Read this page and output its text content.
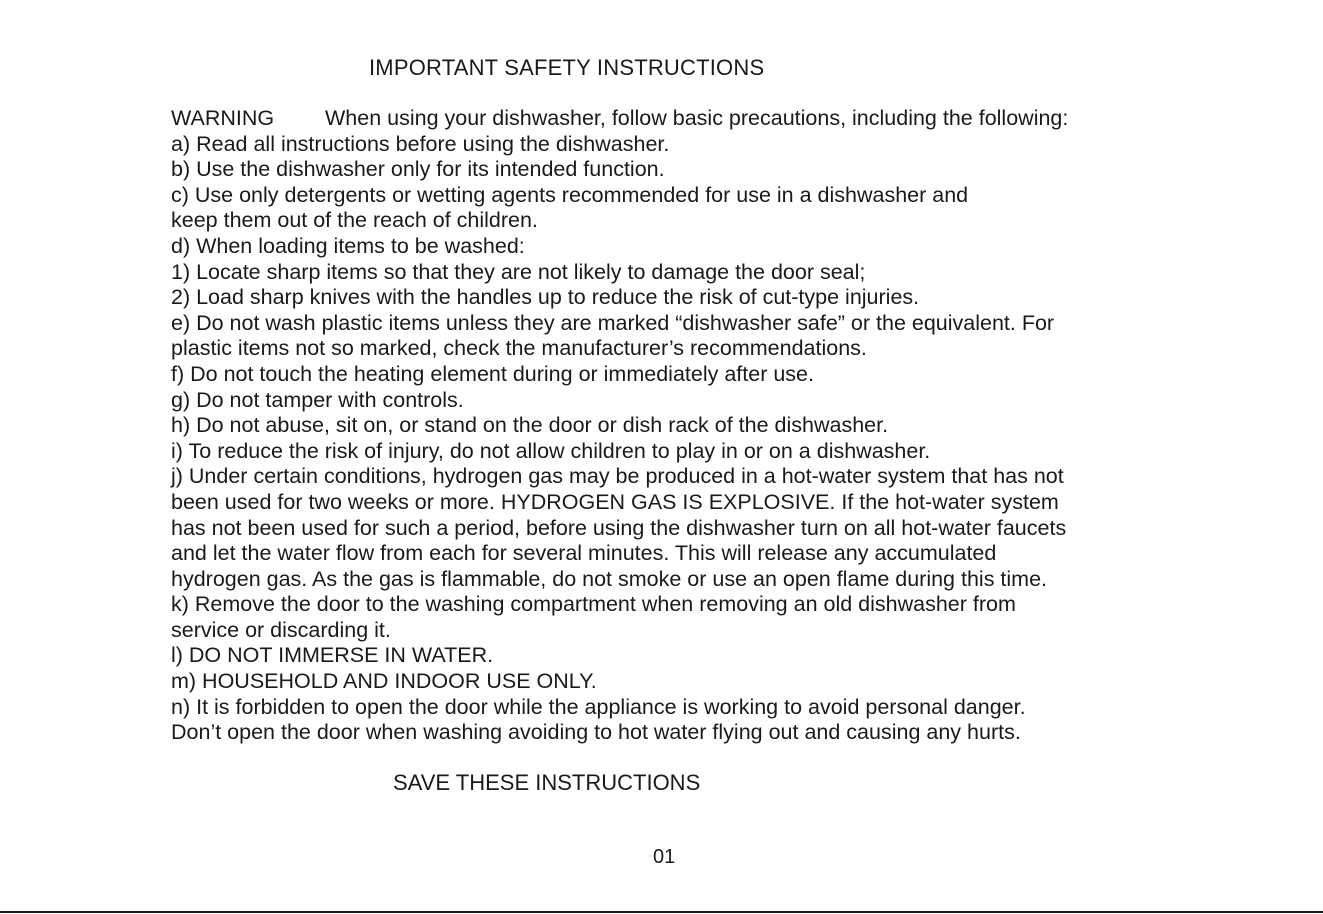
IMPORTANT SAFETY INSTRUCTIONS
WARNING When using your dishwasher, follow basic precautions, including the following:
a) Read all instructions before using the dishwasher.
b) Use the dishwasher only for its intended function.
c) Use only detergents or wetting agents recommended for use in a dishwasher and
keep them out of the reach of children.
d) When loading items to be washed:
1) Locate sharp items so that they are not likely to damage the door seal;
2) Load sharp knives with the handles up to reduce the risk of cut-type injuries.
e) Do not wash plastic items unless they are marked “dishwasher safe” or the equivalent. For
plastic items not so marked, check the manufacturer’s recommendations.
f) Do not touch the heating element during or immediately after use.
g) Do not tamper with controls.
h) Do not abuse, sit on, or stand on the door or dish rack of the dishwasher.
i) To reduce the risk of injury, do not allow children to play in or on a dishwasher.
j) Under certain conditions, hydrogen gas may be produced in a hot-water system that has not
been used for two weeks or more. HYDROGEN GAS IS EXPLOSIVE. If the hot-water system
has not been used for such a period, before using the dishwasher turn on all hot-water faucets
and let the water flow from each for several minutes. This will release any accumulated
hydrogen gas. As the gas is flammable, do not smoke or use an open flame during this time.
k) Remove the door to the washing compartment when removing an old dishwasher from
service or discarding it.
l) DO NOT IMMERSE IN WATER.
m) HOUSEHOLD AND INDOOR USE ONLY.
n) It is forbidden to open the door while the appliance is working to avoid personal danger.
Don’t open the door when washing avoiding to hot water flying out and causing any hurts.
SAVE THESE INSTRUCTIONS
01
